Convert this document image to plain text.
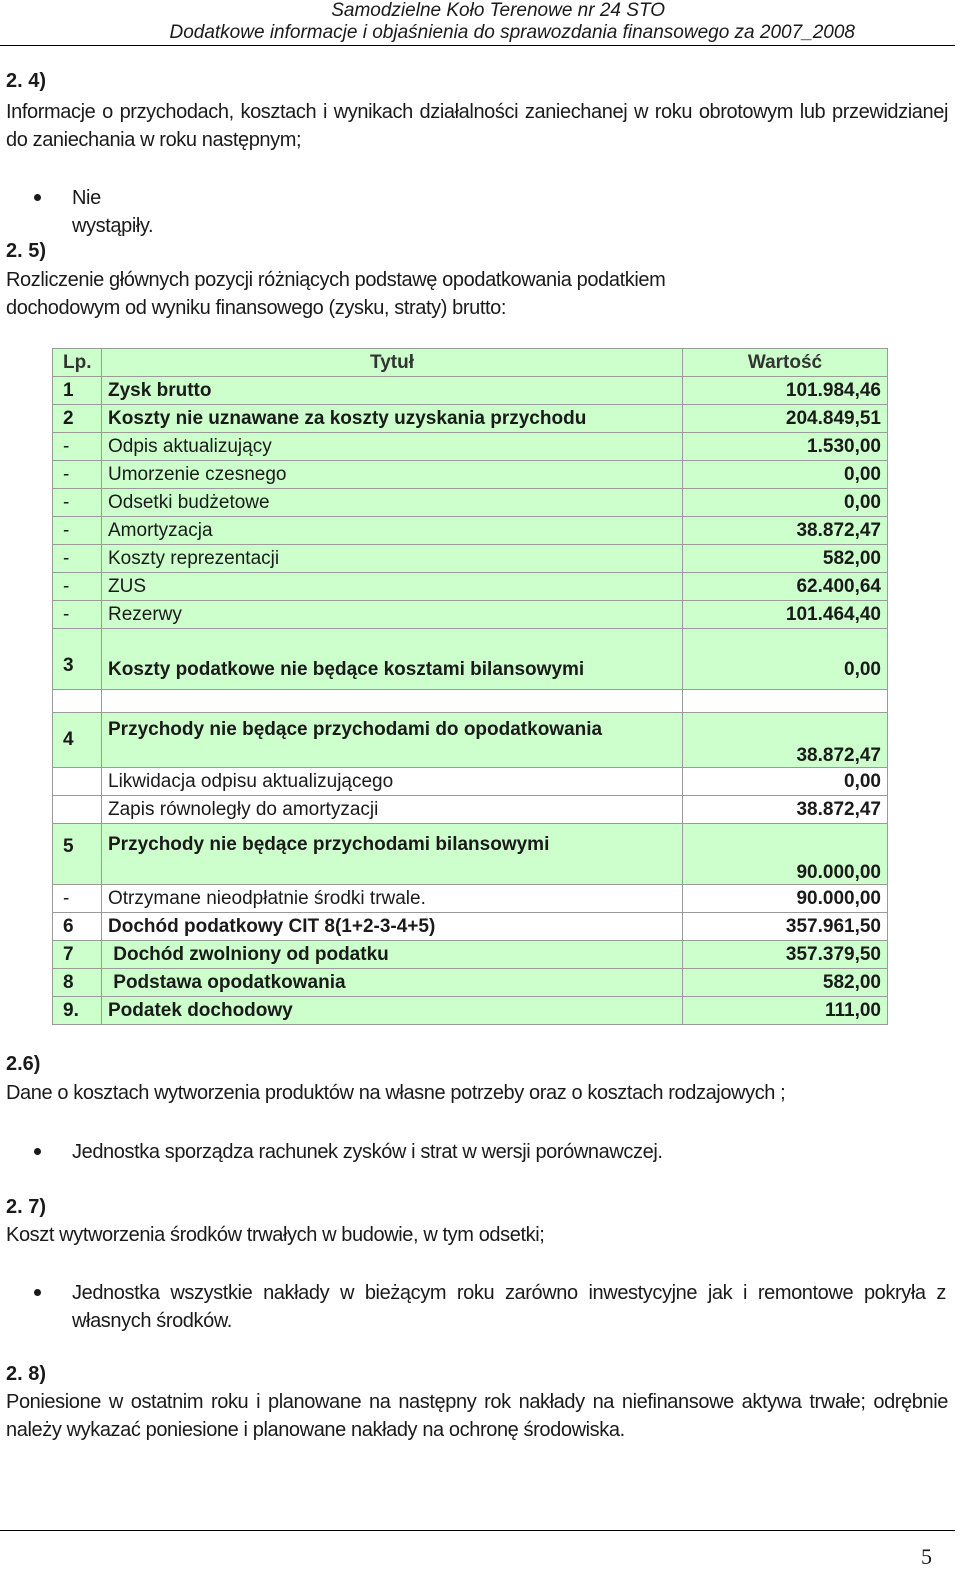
Samodzielne Koło Terenowe nr 24 STO
Dodatkowe informacje i objaśnienia do sprawozdania finansowego za 2007_2008
2. 4)
Informacje o przychodach, kosztach i wynikach działalności zaniechanej w roku obrotowym lub przewidzianej do zaniechania w roku następnym;
Nie wystąpiły.
2. 5)
Rozliczenie głównych pozycji różniących podstawę opodatkowania podatkiem dochodowym od wyniku finansowego (zysku, straty) brutto:
Lp.	Tytuł	Wartość
1	Zysk brutto	101.984,46
2	Koszty nie uznawane za koszty uzyskania przychodu	204.849,51
-	Odpis aktualizujący	1.530,00
-	Umorzenie czesnego	0,00
-	Odsetki budżetowe	0,00
-	Amortyzacja	38.872,47
-	Koszty reprezentacji	582,00
-	ZUS	62.400,64
-	Rezerwy	101.464,40
3	Koszty podatkowe nie będące kosztami bilansowymi	0,00

4	Przychody nie będące przychodami do opodatkowania	38.872,47
	Likwidacja odpisu aktualizującego	0,00
	Zapis równoległy do amortyzacji	38.872,47
5	Przychody nie będące przychodami bilansowymi	90.000,00
-	Otrzymane nieodpłatnie środki trwale.	90.000,00
6	Dochód podatkowy CIT 8(1+2-3-4+5)	357.961,50
7	Dochód zwolniony od podatku	357.379,50
8	Podstawa opodatkowania	582,00
9.	Podatek dochodowy	111,00
2.6)
Dane o kosztach wytworzenia produktów na własne potrzeby oraz o kosztach rodzajowych ;
Jednostka sporządza rachunek zysków i strat w wersji porównawczej.
2. 7)
Koszt wytworzenia środków trwałych w budowie, w tym odsetki;
Jednostka wszystkie nakłady w bieżącym roku zarówno inwestycyjne jak i remontowe pokryła z własnych środków.
2. 8)
Poniesione w ostatnim roku i planowane na następny rok nakłady na niefinansowe aktywa trwałe; odrębnie należy wykazać poniesione i planowane nakłady na ochronę środowiska.
5
